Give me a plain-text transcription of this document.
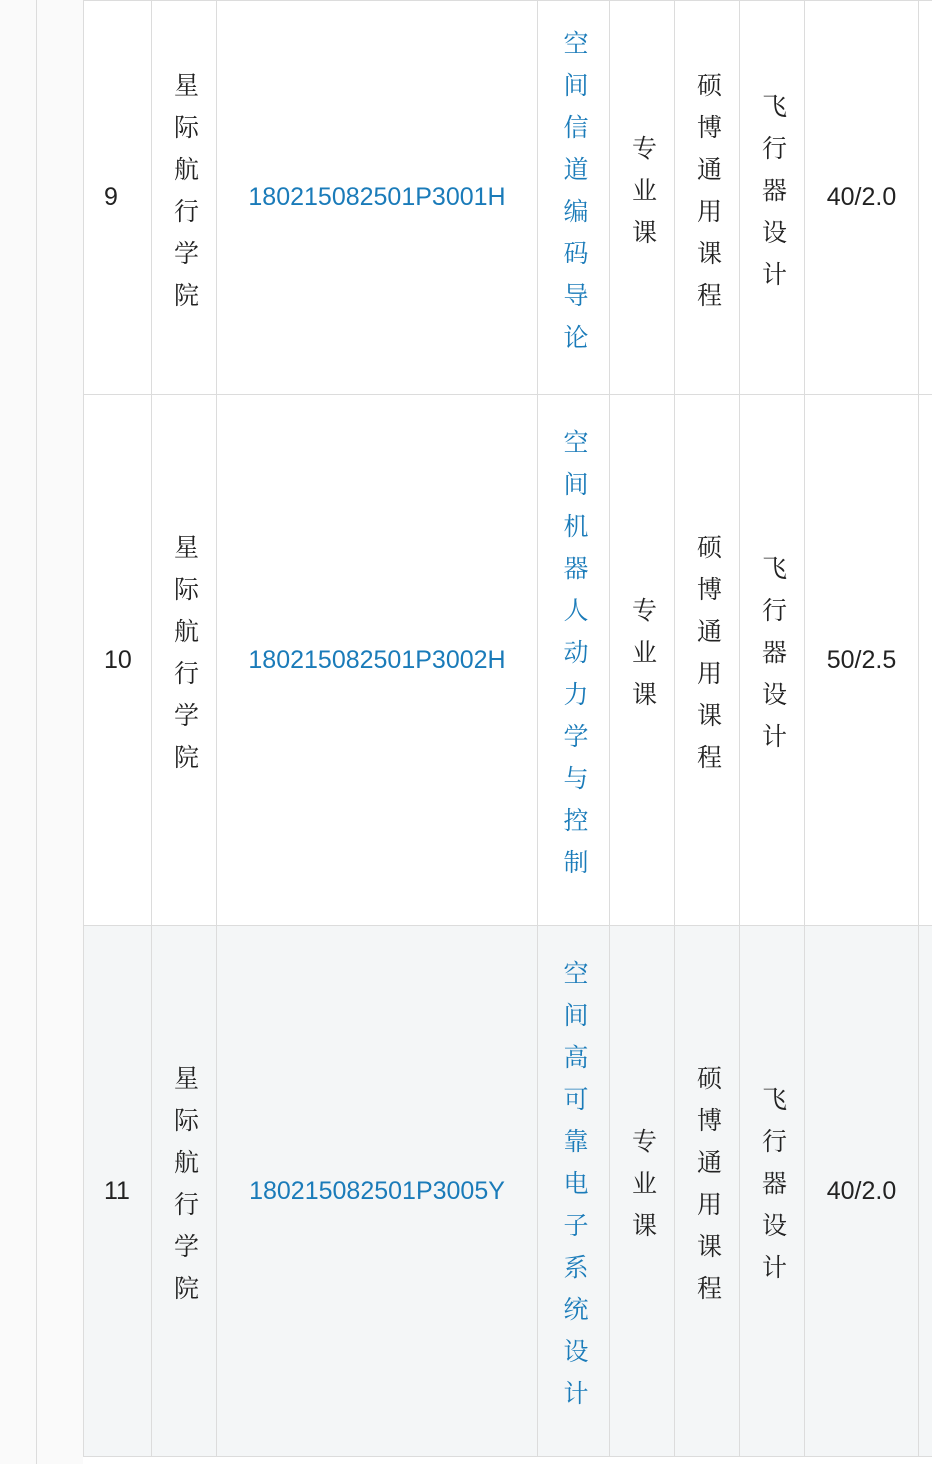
9 星际航行学院 180215082501P3001H 空间信道编码导论 专业课 硕博通用课程 飞行器设计 40/2.0
10 星际航行学院 180215082501P3002H 空间机器人动力学与控制 专业课 硕博通用课程 飞行器设计 50/2.5
11 星际航行学院 180215082501P3005Y 空间高可靠电子系统设计 专业课 硕博通用课程 飞行器设计 40/2.0
